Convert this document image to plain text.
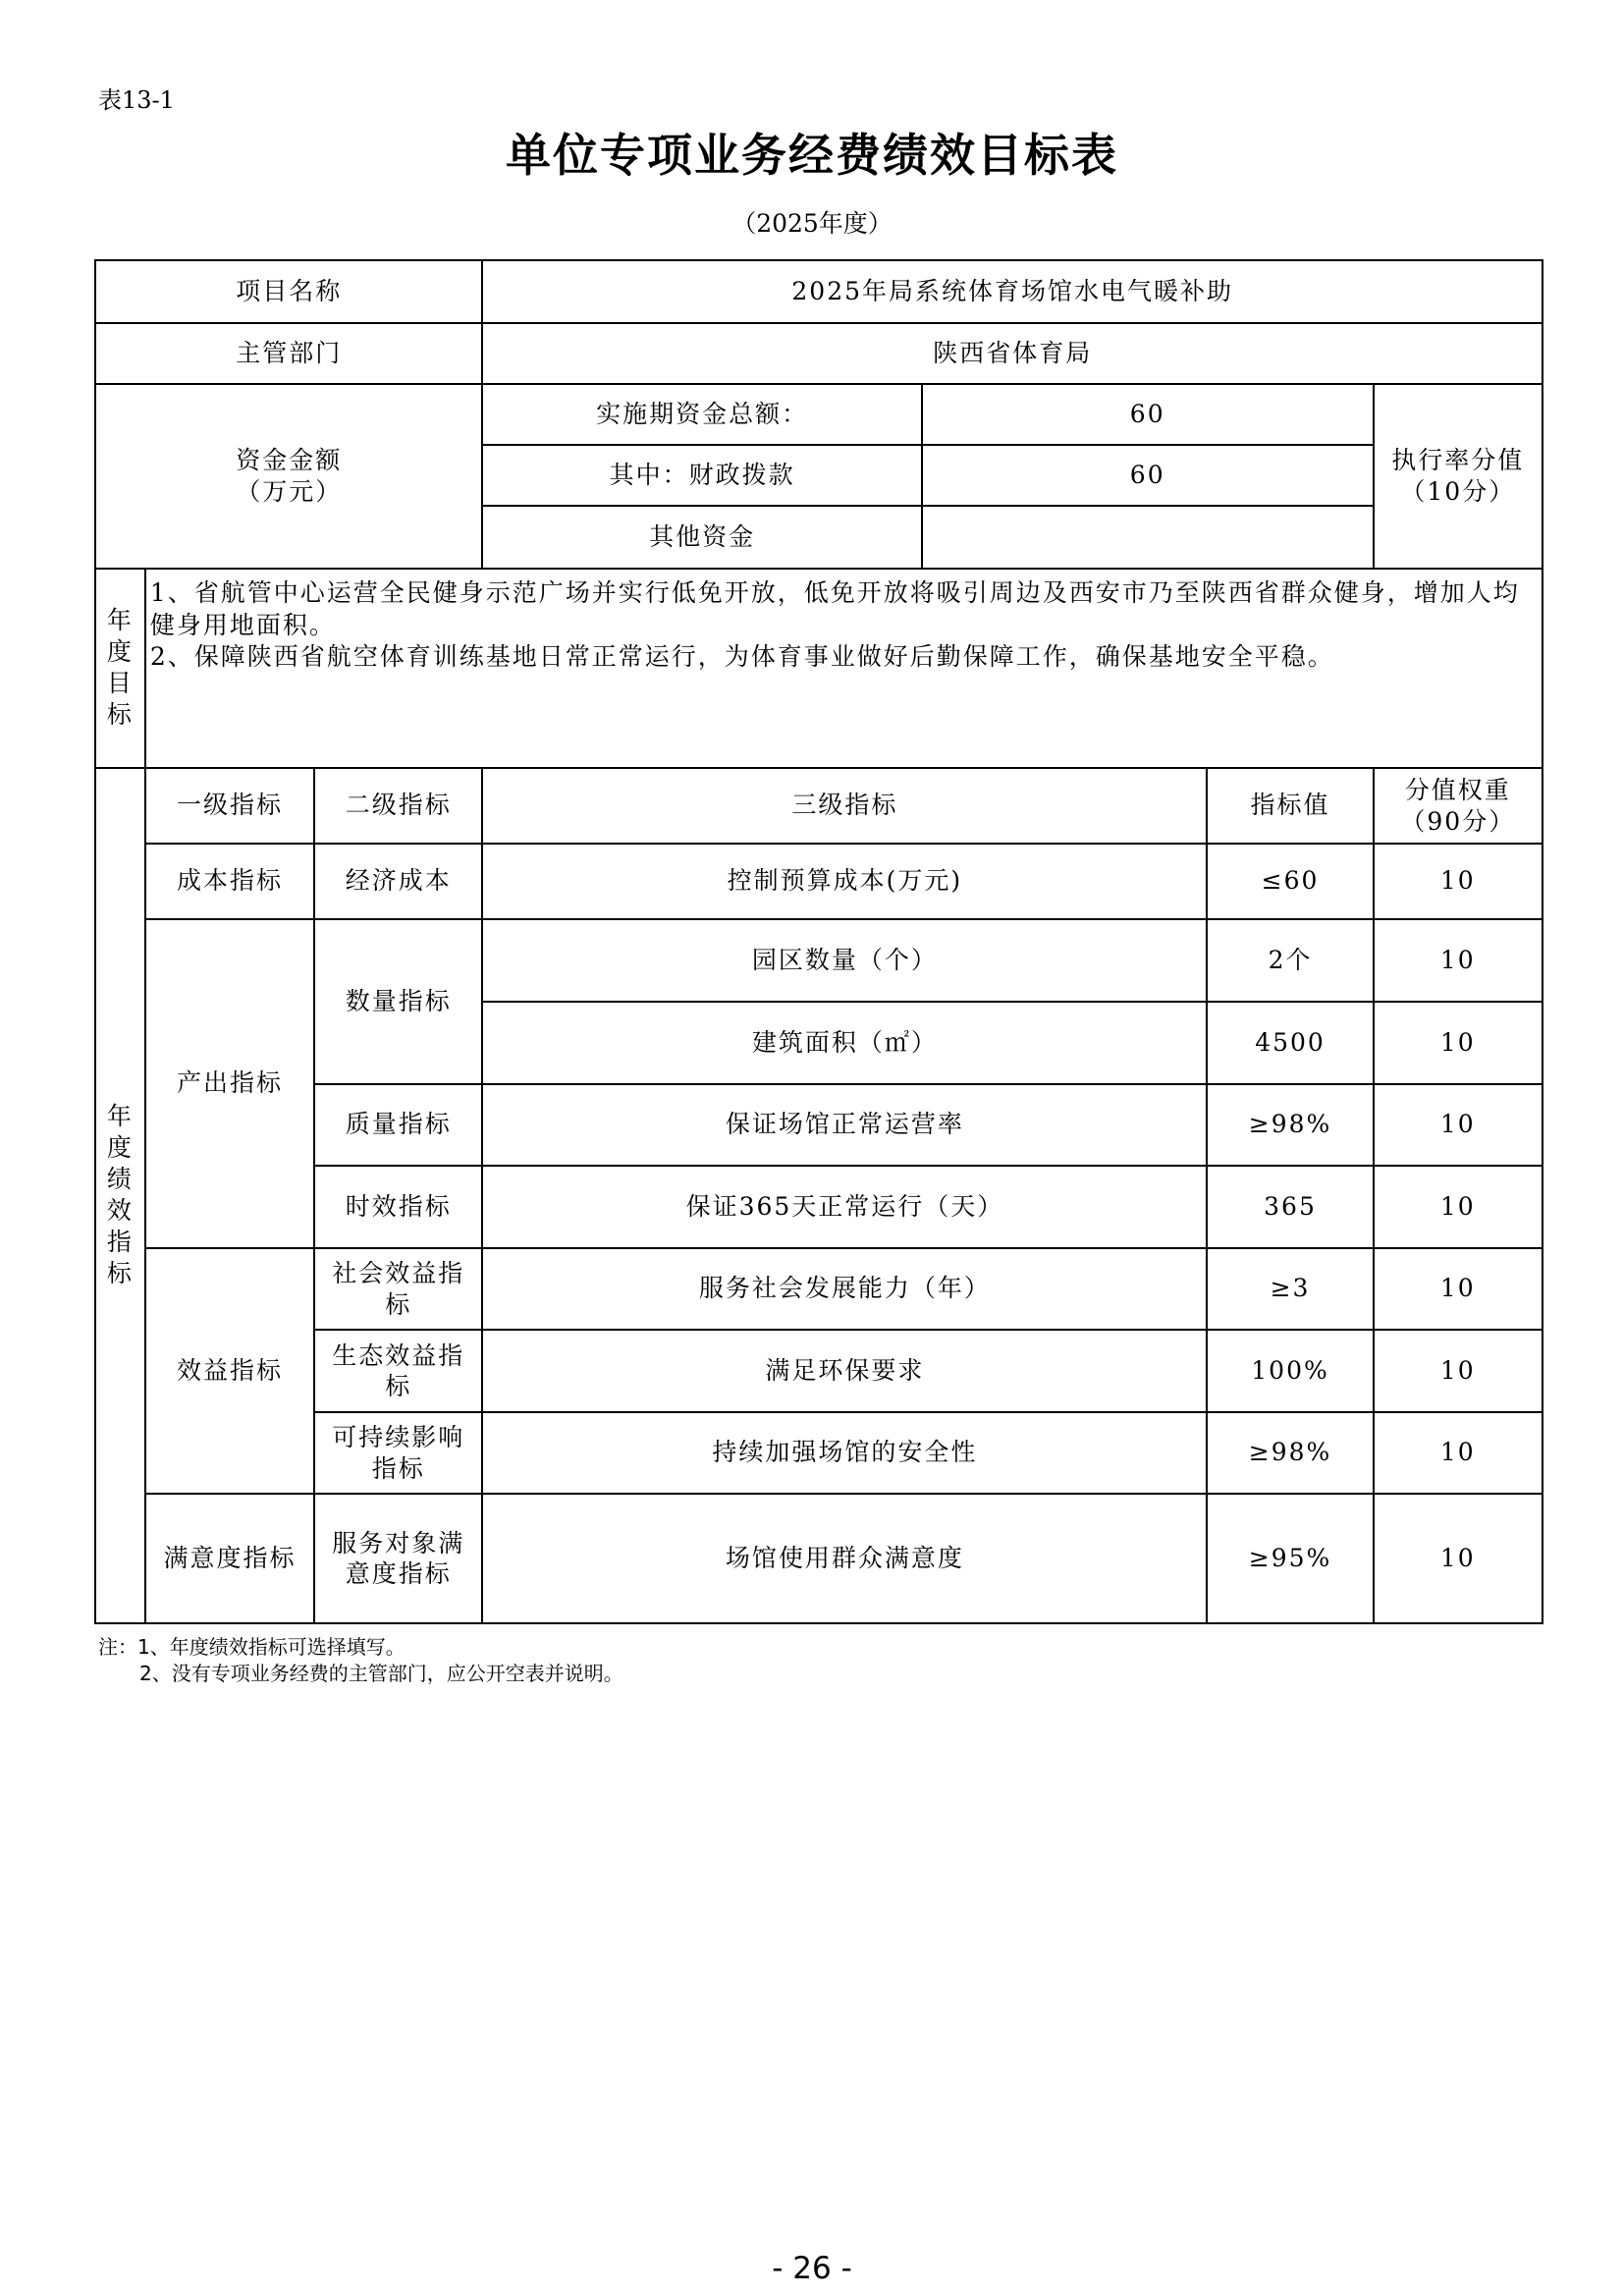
表13-1
单位专项业务经费绩效目标表
（2025年度）
项目名称			2025年局系统体育场馆水电气暖补助			
主管部门			陕西省体育局			

资金金额（万元）			实施期资金总额：	60		执行率分值（10分）

			其中：财政拨款	60		
			其他资金			
年度目标	1、省航管中心运营全民健身示范广场并实行低免开放，低免开放将吸引周边及西安市乃至陕西省群众健身，增加人均健身用地面积。
2、保障陕西省航空体育训练基地日常正常运行，为体育事业做好后勤保障工作，确保基地安全平稳。					

年度绩效指标	一级指标	二级指标	三级指标		指标值	分值权重（90分）

	成本指标	经济成本	控制预算成本(万元)		≤60	10
	产出指标	数量指标	园区数量（个）		2个	10
			建筑面积（㎡）		4500	10
		质量指标	保证场馆正常运营率		≥98%	10
		时效指标	保证365天正常运行（天）		365	10
	效益指标	社会效益指标	服务社会发展能力（年）		≥3	10

		生态效益指标	满足环保要求		100%	10

		可持续影响指标	持续加强场馆的安全性		≥98%	10
	满意度指标	服务对象满意度指标	场馆使用群众满意度		≥95%	10
注：1、年度绩效指标可选择填写。
2、没有专项业务经费的主管部门，应公开空表并说明。
- 26 -
